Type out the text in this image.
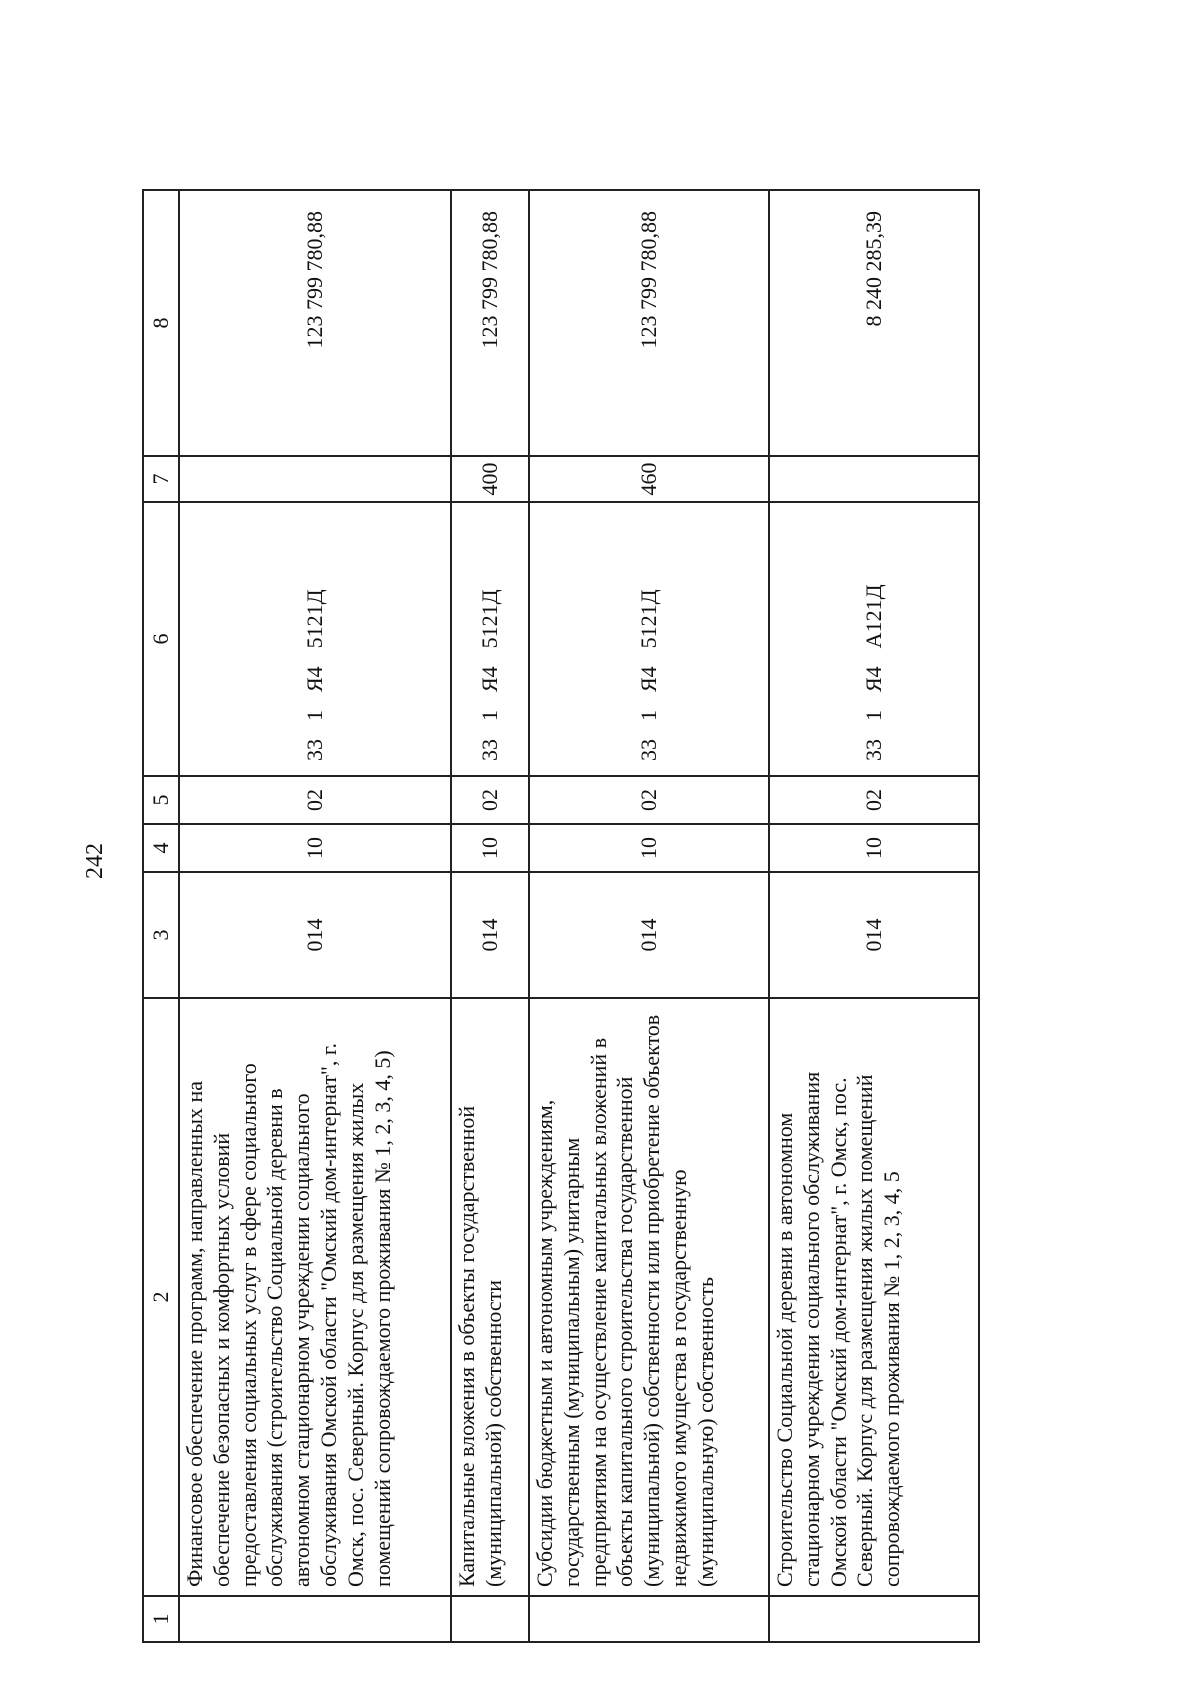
242
1	2	3	4	5	6	7	8
	Финансовое обеспечение программ, направленных на обеспечение безопасных и комфортных условий предоставления социальных услуг в сфере социального обслуживания (строительство Социальной деревни в автономном стационарном учреждении социального обслуживания Омской области "Омский дом-интернат", г. Омск, пос. Северный. Корпус для размещения жилых помещений сопровождаемого проживания № 1, 2, 3, 4, 5)	014	10	02	331Я45121Д		123 799 780,88
	Капитальные вложения в объекты государственной (муниципальной) собственности	014	10	02	331Я45121Д	400	123 799 780,88
	Субсидии бюджетным и автономным учреждениям, государственным (муниципальным) унитарным предприятиям на осуществление капитальных вложений в объекты капитального строительства государственной (муниципальной) собственности или приобретение объектов недвижимого имущества в государственную (муниципальную) собственность	014	10	02	331Я45121Д	460	123 799 780,88
	Строительство Социальной деревни в автономном стационарном учреждении социального обслуживания Омской области "Омский дом-интернат", г. Омск, пос. Северный. Корпус для размещения жилых помещений сопровождаемого проживания № 1, 2, 3, 4, 5	014	10	02	331Я4А121Д		8 240 285,39
